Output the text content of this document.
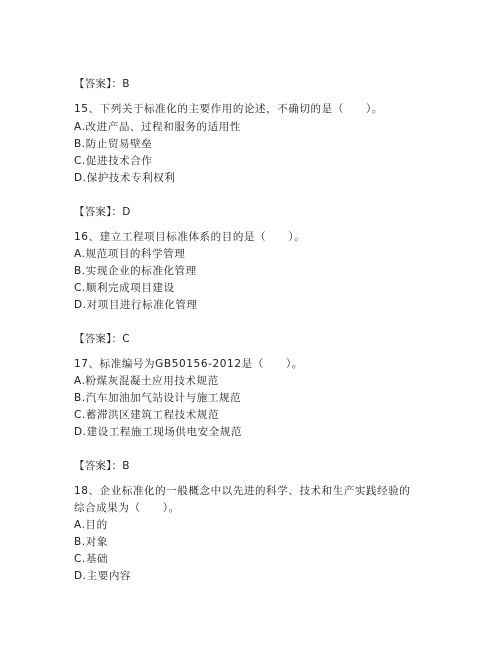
【答案】：B
15、下列关于标准化的主要作用的论述，不确切的是（　　）。
A.改进产品、过程和服务的适用性
B.防止贸易壁垒
C.促进技术合作
D.保护技术专利权利
【答案】：D
16、建立工程项目标准体系的目的是（　　）。
A.规范项目的科学管理
B.实现企业的标准化管理
C.顺利完成项目建设
D.对项目进行标准化管理
【答案】：C
17、标准编号为GB50156-2012是（　　）。
A.粉煤灰混凝土应用技术规范
B.汽车加油加气站设计与施工规范
C.蓄滞洪区建筑工程技术规范
D.建设工程施工现场供电安全规范
【答案】：B
18、企业标准化的一般概念中以先进的科学、技术和生产实践经验的
综合成果为（　　）。
A.目的
B.对象
C.基础
D.主要内容
